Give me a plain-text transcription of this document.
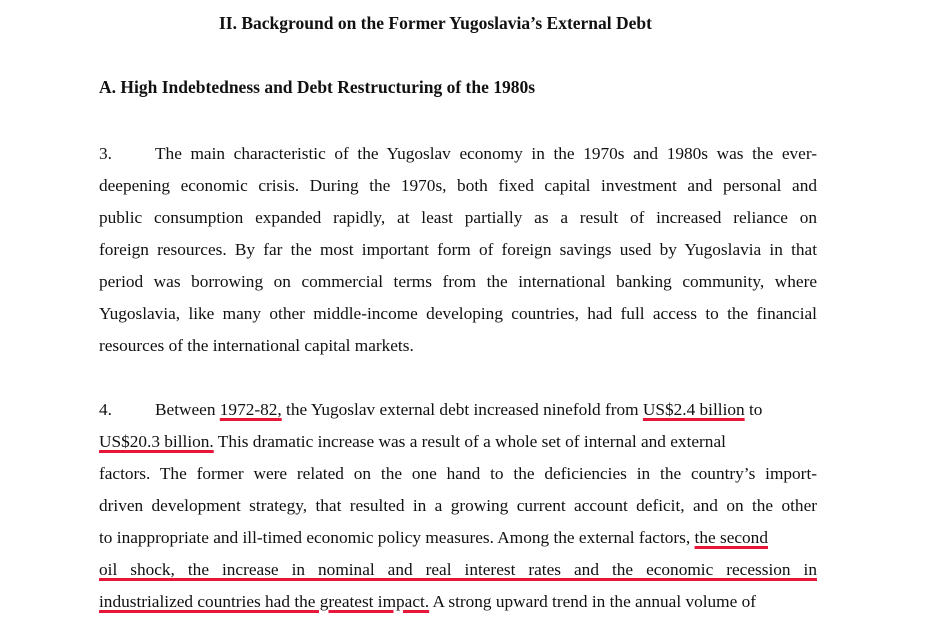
II. Background on the Former Yugoslavia’s External Debt
A. High Indebtedness and Debt Restructuring of the 1980s
3. The main characteristic of the Yugoslav economy in the 1970s and 1980s was the ever-
deepening economic crisis. During the 1970s, both fixed capital investment and personal and
public consumption expanded rapidly, at least partially as a result of increased reliance on
foreign resources. By far the most important form of foreign savings used by Yugoslavia in that
period was borrowing on commercial terms from the international banking community, where
Yugoslavia, like many other middle-income developing countries, had full access to the financial
resources of the international capital markets.
4. Between 1972-82, the Yugoslav external debt increased ninefold from US$2.4 billion to
US$20.3 billion. This dramatic increase was a result of a whole set of internal and external
factors. The former were related on the one hand to the deficiencies in the country’s import-
driven development strategy, that resulted in a growing current account deficit, and on the other
to inappropriate and ill-timed economic policy measures. Among the external factors, the second
oil shock, the increase in nominal and real interest rates and the economic recession in
industrialized countries had the greatest impact. A strong upward trend in the annual volume of
